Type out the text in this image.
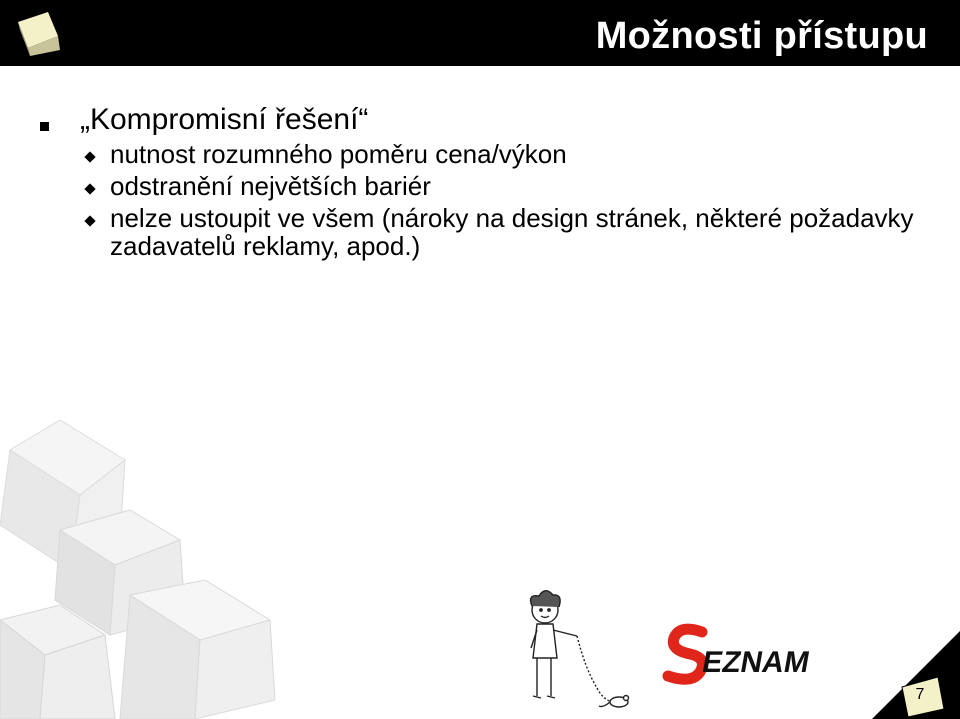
Možnosti přístupu
„Kompromisní řešení“
nutnost rozumného poměru cena/výkon
odstranění největších bariér
nelze ustoupit ve všem (nároky na design stránek, některé požadavky zadavatelů reklamy, apod.)
EZNAM
7
